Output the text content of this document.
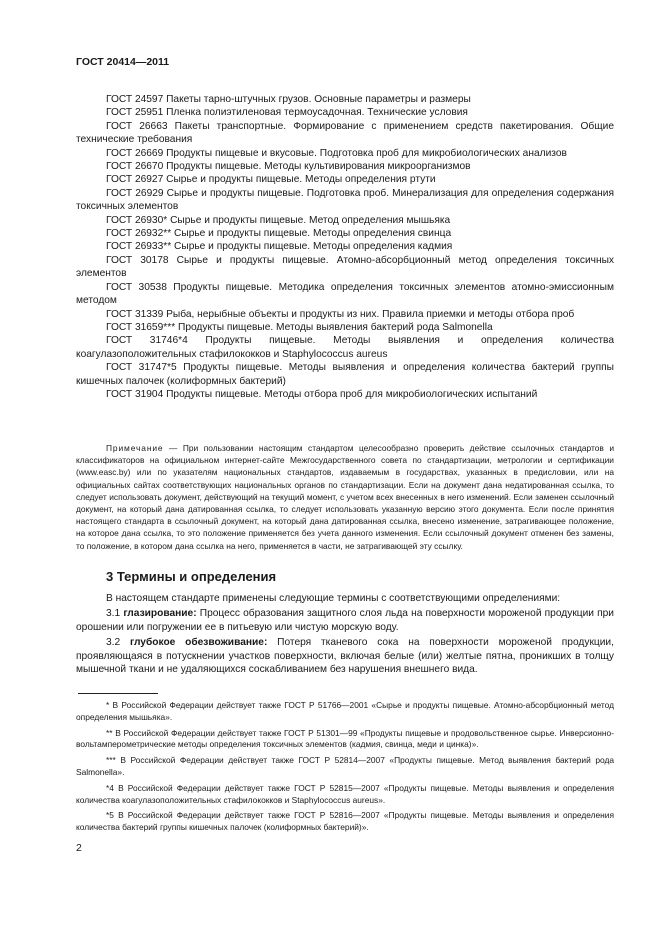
ГОСТ 20414—2011
ГОСТ 24597 Пакеты тарно-штучных грузов. Основные параметры и размеры
ГОСТ 25951 Пленка полиэтиленовая термоусадочная. Технические условия
ГОСТ 26663 Пакеты транспортные. Формирование с применением средств пакетирования. Общие технические требования
ГОСТ 26669 Продукты пищевые и вкусовые. Подготовка проб для микробиологических анализов
ГОСТ 26670 Продукты пищевые. Методы культивирования микроорганизмов
ГОСТ 26927 Сырье и продукты пищевые. Методы определения ртути
ГОСТ 26929 Сырье и продукты пищевые. Подготовка проб. Минерализация для определения содержания токсичных элементов
ГОСТ 26930* Сырье и продукты пищевые. Метод определения мышьяка
ГОСТ 26932** Сырье и продукты пищевые. Методы определения свинца
ГОСТ 26933** Сырье и продукты пищевые. Методы определения кадмия
ГОСТ 30178 Сырье и продукты пищевые. Атомно-абсорбционный метод определения токсичных элементов
ГОСТ 30538 Продукты пищевые. Методика определения токсичных элементов атомно-эмиссионным методом
ГОСТ 31339 Рыба, нерыбные объекты и продукты из них. Правила приемки и методы отбора проб
ГОСТ 31659*** Продукты пищевые. Методы выявления бактерий рода Salmonella
ГОСТ 31746*4 Продукты пищевые. Методы выявления и определения количества коагулазоположительных стафилококков и Staphylococcus aureus
ГОСТ 31747*5 Продукты пищевые. Методы выявления и определения количества бактерий группы кишечных палочек (колиформных бактерий)
ГОСТ 31904 Продукты пищевые. Методы отбора проб для микробиологических испытаний
Примечание — При пользовании настоящим стандартом целесообразно проверить действие ссылочных стандартов и классификаторов на официальном интернет-сайте Межгосударственного совета по стандартизации, метрологии и сертификации (www.easc.by) или по указателям национальных стандартов, издаваемым в государствах, указанных в предисловии, или на официальных сайтах соответствующих национальных органов по стандартизации. Если на документ дана недатированная ссылка, то следует использовать документ, действующий на текущий момент, с учетом всех внесенных в него изменений. Если заменен ссылочный документ, на который дана датированная ссылка, то следует использовать указанную версию этого документа. Если после принятия настоящего стандарта в ссылочный документ, на который дана датированная ссылка, внесено изменение, затрагивающее положение, на которое дана ссылка, то это положение применяется без учета данного изменения. Если ссылочный документ отменен без замены, то положение, в котором дана ссылка на него, применяется в части, не затрагивающей эту ссылку.
3 Термины и определения

В настоящем стандарте применены следующие термины с соответствующими определениями:

3.1 глазирование: Процесс образования защитного слоя льда на поверхности мороженой продукции при орошении или погружении ее в питьевую или чистую морскую воду.

3.2 глубокое обезвоживание: Потеря тканевого сока на поверхности мороженой продукции, проявляющаяся в потускнении участков поверхности, включая белые (или) желтые пятна, проникших в толщу мышечной ткани и не удаляющихся соскабливанием без нарушения внешнего вида.

* В Российской Федерации действует также ГОСТ Р 51766—2001 «Сырье и продукты пищевые. Атомно-абсорбционный метод определения мышьяка».

** В Российской Федерации действует также ГОСТ Р 51301—99 «Продукты пищевые и продовольственное сырье. Инверсионно-вольтамперометрические методы определения токсичных элементов (кадмия, свинца, меди и цинка)».

*** В Российской Федерации действует также ГОСТ Р 52814—2007 «Продукты пищевые. Метод выявления бактерий рода Salmonella».

*4 В Российской Федерации действует также ГОСТ Р 52815—2007 «Продукты пищевые. Методы выявления и определения количества коагулазоположительных стафилококков и Staphylococcus aureus».

*5 В Российской Федерации действует также ГОСТ Р 52816—2007 «Продукты пищевые. Методы выявления и определения количества бактерий группы кишечных палочек (колиформных бактерий)».

2
